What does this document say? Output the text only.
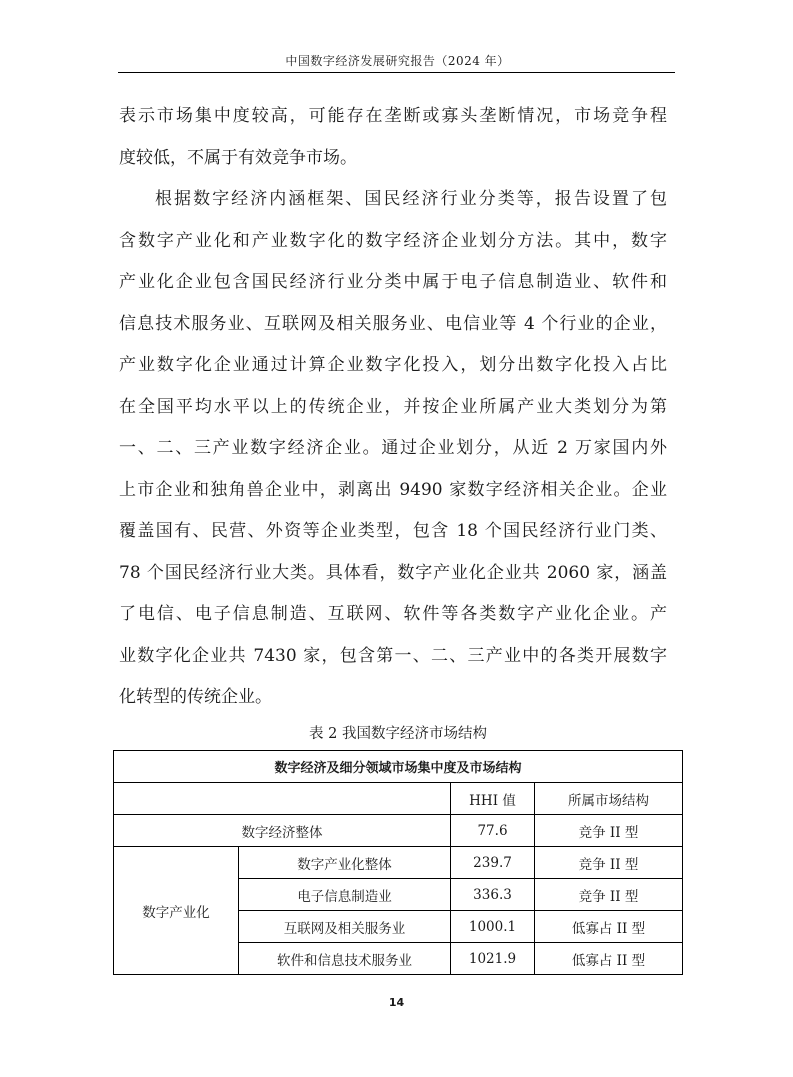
中国数字经济发展研究报告（2024 年）
表示市场集中度较高，可能存在垄断或寡头垄断情况，市场竞争程
度较低，不属于有效竞争市场。
根据数字经济内涵框架、国民经济行业分类等，报告设置了包
含数字产业化和产业数字化的数字经济企业划分方法。其中，数字
产业化企业包含国民经济行业分类中属于电子信息制造业、软件和
信息技术服务业、互联网及相关服务业、电信业等 4 个行业的企业，
产业数字化企业通过计算企业数字化投入，划分出数字化投入占比
在全国平均水平以上的传统企业，并按企业所属产业大类划分为第
一、二、三产业数字经济企业。通过企业划分，从近 2 万家国内外
上市企业和独角兽企业中，剥离出 9490 家数字经济相关企业。企业
覆盖国有、民营、外资等企业类型，包含 18 个国民经济行业门类、
78 个国民经济行业大类。具体看，数字产业化企业共 2060 家，涵盖
了电信、电子信息制造、互联网、软件等各类数字产业化企业。产
业数字化企业共 7430 家，包含第一、二、三产业中的各类开展数字
化转型的传统企业。
表 2 我国数字经济市场结构
数字经济及细分领域市场集中度及市场结构			
		HHI 值	所属市场结构
数字经济整体		77.6	竞争 II 型
数字产业化	数字产业化整体	239.7	竞争 II 型
	电子信息制造业	336.3	竞争 II 型
	互联网及相关服务业	1000.1	低寡占 II 型
	软件和信息技术服务业	1021.9	低寡占 II 型
14
